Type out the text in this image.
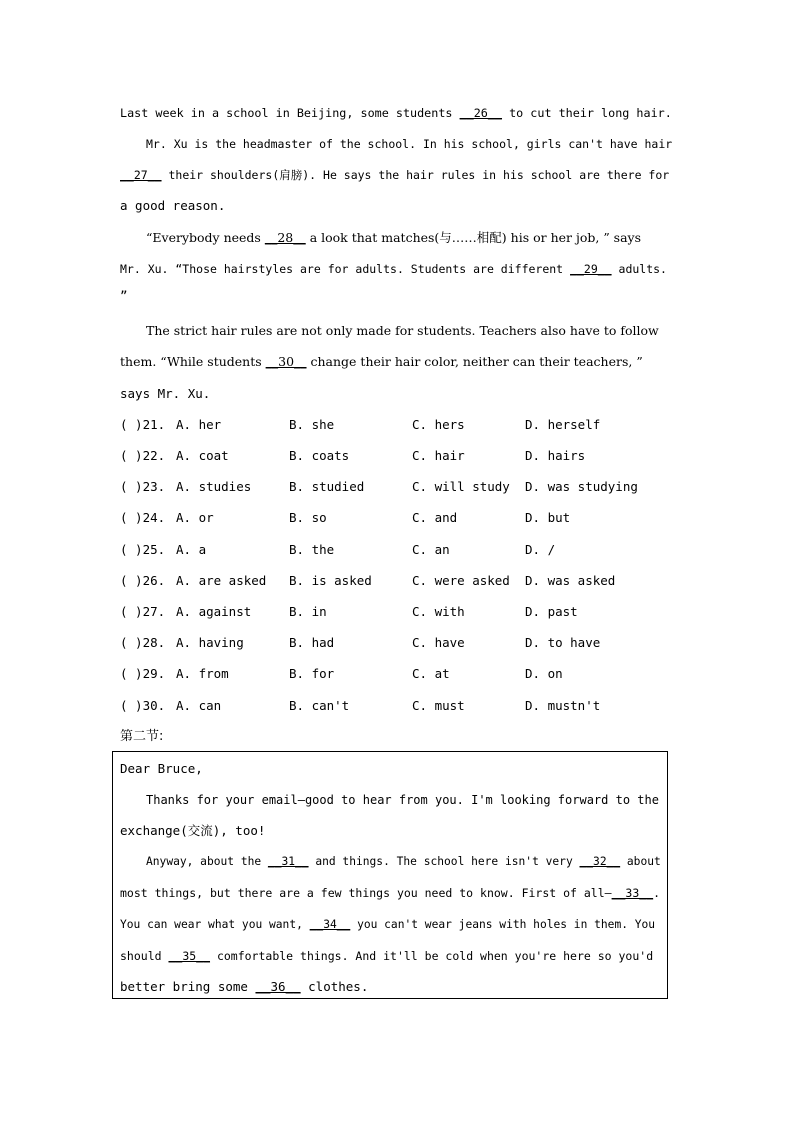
Last week in a school in Beijing, some students __26__ to cut their long hair.
Mr. Xu is the headmaster of the school. In his school, girls can't have hair
__27__ their shoulders(肩膀). He says the hair rules in his school are there for
a good reason.
“Everybody needs __28__ a look that matches(与……相配) his or her job, ” says
Mr. Xu. “Those hairstyles are for adults. Students are different __29__ adults.
”
The strict hair rules are not only made for students. Teachers also have to follow
them. “While students __30__ change their hair color, neither can their teachers, ”
says Mr. Xu.
( )21. A. her	B. she	C. hers	D. herself
( )22. A. coat	B. coats	C. hair	D. hairs
( )23. A. studies	B. studied	C. will study D. was studying
( )24. A. or	B. so	C. and	D. but
( )25. A. a	B. the	C. an	D. /
( )26. A. are asked B. is asked	C. were asked D. was asked
( )27. A. against	B. in	C. with	D. past
( )28. A. having	B. had	C. have	D. to have
( )29. A. from	B. for	C. at	D. on
( )30. A. can	B. can't	C. must	D. mustn't
第二节:
Dear Bruce,
Thanks for your email—good to hear from you. I'm looking forward to the
exchange(交流), too!
Anyway, about the __31__ and things. The school here isn't very __32__ about
most things, but there are a few things you need to know. First of all—__33__.
You can wear what you want, __34__ you can't wear jeans with holes in them. You
should __35__ comfortable things. And it'll be cold when you're here so you'd
better bring some __36__ clothes.
